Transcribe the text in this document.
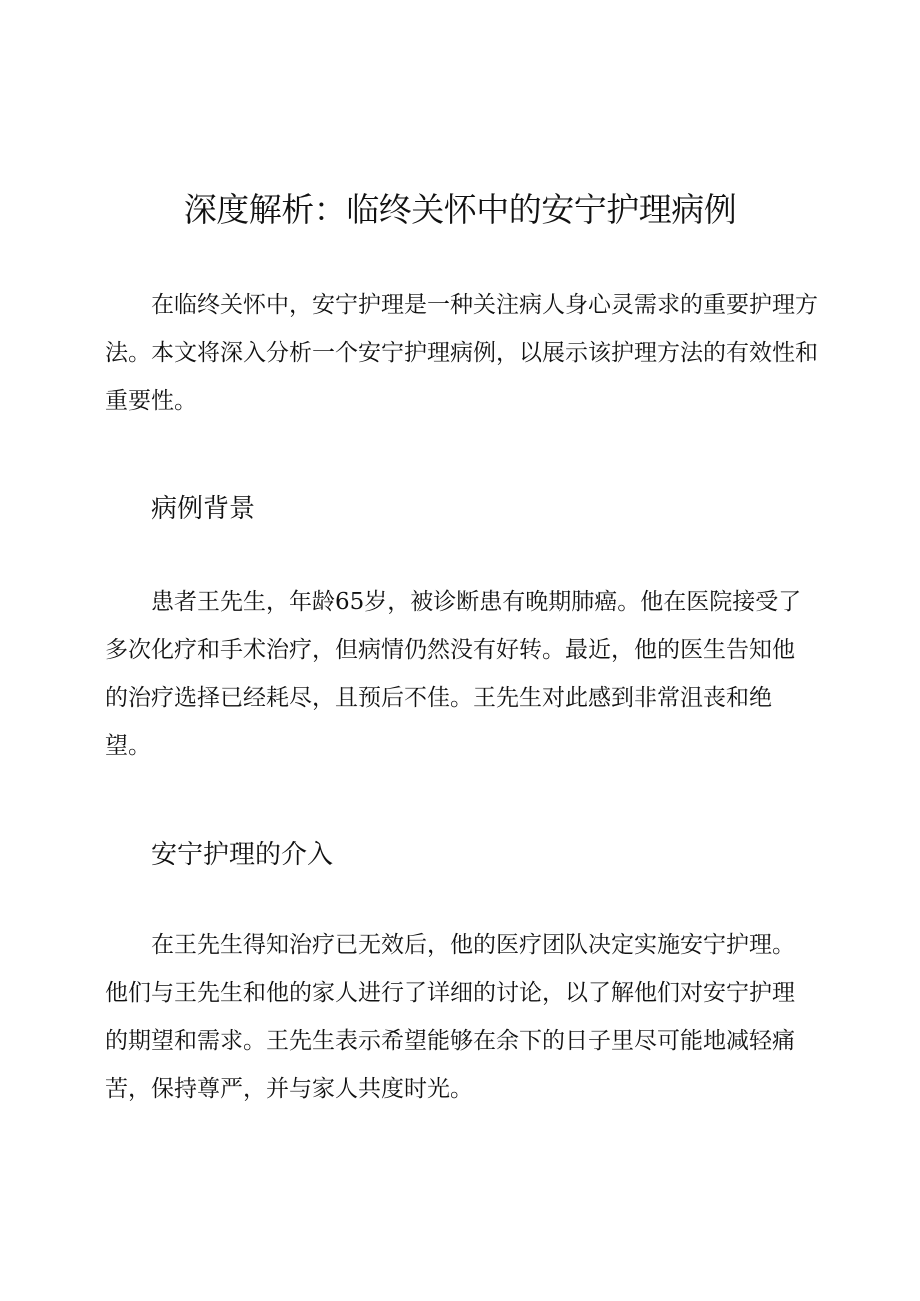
深度解析：临终关怀中的安宁护理病例

在临终关怀中，安宁护理是一种关注病人身心灵需求的重要护理方法。本文将深入分析一个安宁护理病例，以展示该护理方法的有效性和重要性。

病例背景

患者王先生，年龄65岁，被诊断患有晚期肺癌。他在医院接受了多次化疗和手术治疗，但病情仍然没有好转。最近，他的医生告知他的治疗选择已经耗尽，且预后不佳。王先生对此感到非常沮丧和绝望。

安宁护理的介入

在王先生得知治疗已无效后，他的医疗团队决定实施安宁护理。他们与王先生和他的家人进行了详细的讨论，以了解他们对安宁护理的期望和需求。王先生表示希望能够在余下的日子里尽可能地减轻痛苦，保持尊严，并与家人共度时光。
